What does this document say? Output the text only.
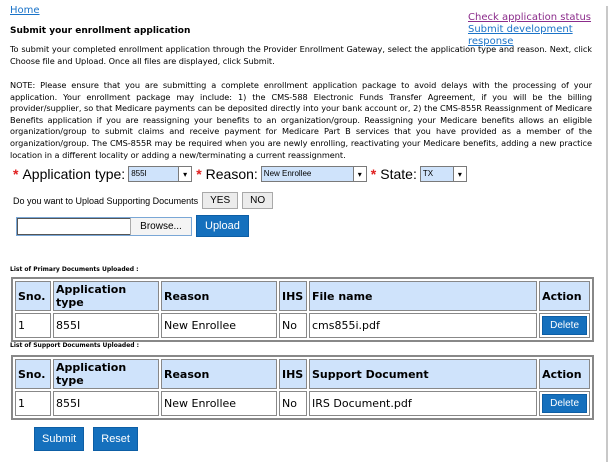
Home
Submit your enrollment application
Check application status
Submit development response
To submit your completed enrollment application through the Provider Enrollment Gateway, select the application type and reason. Next, click Choose file and Upload. Once all files are displayed, click Submit.
NOTE: Please ensure that you are submitting a complete enrollment application package to avoid delays with the processing of your application. Your enrollment package may include: 1) the CMS-588 Electronic Funds Transfer Agreement, if you will be the billing provider/supplier, so that Medicare payments can be deposited directly into your bank account or, 2) the CMS-855R Reassignment of Medicare Benefits application if you are reassigning your benefits to an organization/group. Reassigning your Medicare benefits allows an eligible organization/group to submit claims and receive payment for Medicare Part B services that you have provided as a member of the organization/group. The CMS-855R may be required when you are newly enrolling, reactivating your Medicare benefits, adding a new practice location in a different locality or adding a new/terminating a current reassignment.
* Application type: 855I	▾ * Reason: New Enrollee	▾ * State: TX	▾
Do you want to Upload Supporting Documents	YES	NO
Browse...	Upload
List of Primary Documents Uploaded :
Sno.	Application type	Reason	IHS	File name	Action
1	855I	New Enrollee	No	cms855i.pdf	Delete
List of Support Documents Uploaded :
Sno.	Application type	Reason	IHS	Support Document	Action
1	855I	New Enrollee	No	IRS Document.pdf	Delete
Submit	Reset
